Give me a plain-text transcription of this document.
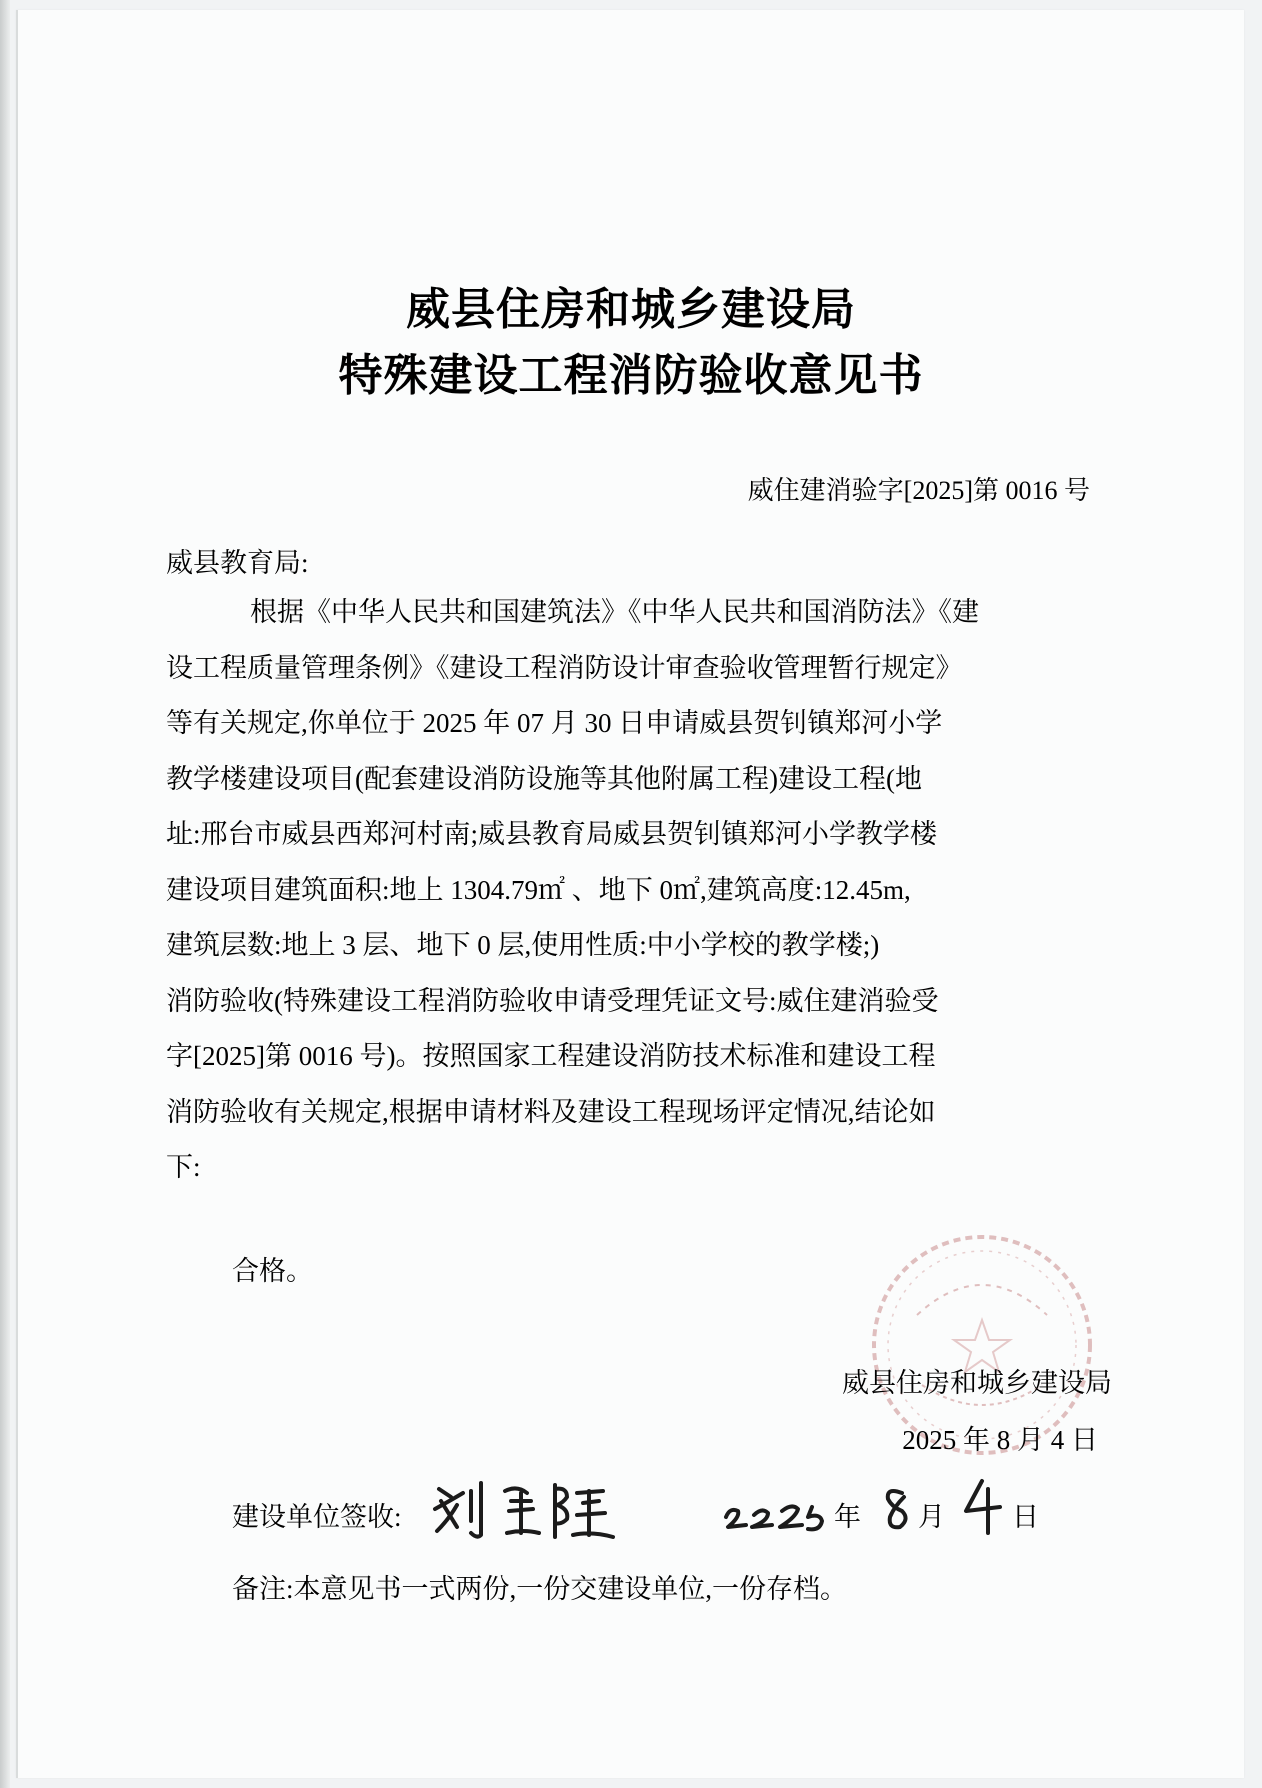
威县住房和城乡建设局
特殊建设工程消防验收意见书
威住建消验字[2025]第 0016 号
威县教育局:
根据《中华人民共和国建筑法》《中华人民共和国消防法》《建
设工程质量管理条例》《建设工程消防设计审查验收管理暂行规定》
等有关规定,你单位于 2025 年 07 月 30 日申请威县贺钊镇郑河小学
教学楼建设项目(配套建设消防设施等其他附属工程)建设工程(地
址:邢台市威县西郑河村南;威县教育局威县贺钊镇郑河小学教学楼
建设项目建筑面积:地上 1304.79㎡ 、地下 0㎡,建筑高度:12.45m,
建筑层数:地上 3 层、地下 0 层,使用性质:中小学校的教学楼;)
消防验收(特殊建设工程消防验收申请受理凭证文号:威住建消验受
字[2025]第 0016 号)。按照国家工程建设消防技术标准和建设工程
消防验收有关规定,根据申请材料及建设工程现场评定情况,结论如
下:
合格。
威县住房和城乡建设局
2025 年 8 月 4 日
建设单位签收:	年 月 日
备注:本意见书一式两份,一份交建设单位,一份存档。
